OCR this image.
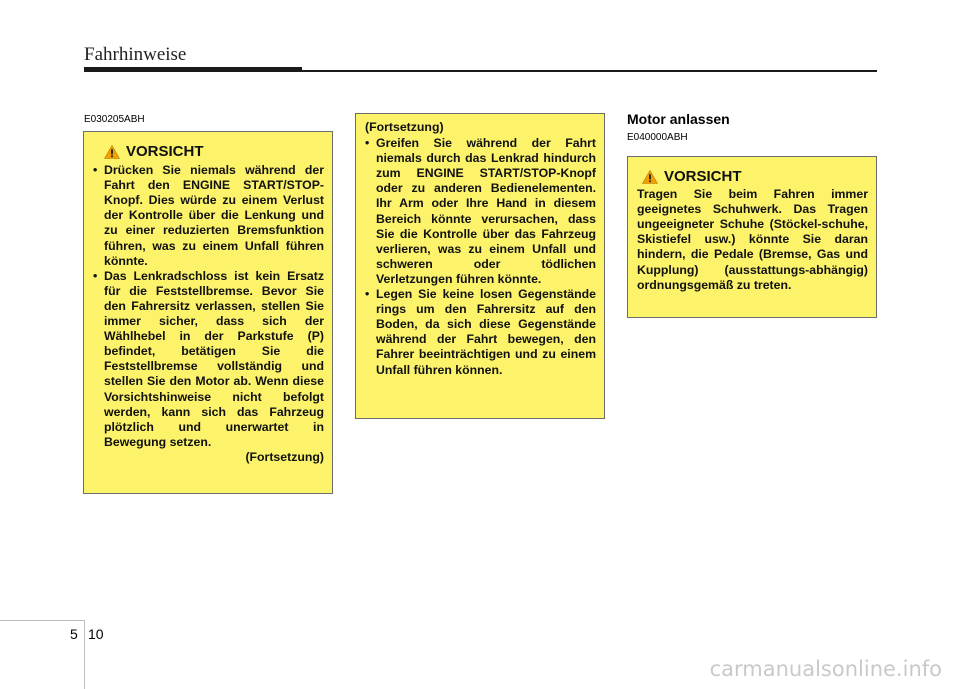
Fahrhinweise
E030205ABH
VORSICHT

• Drücken Sie niemals während der Fahrt den ENGINE START/STOP-Knopf. Dies würde zu einem Verlust der Kontrolle über die Lenkung und zu einer reduzierten Bremsfunktion führen, was zu einem Unfall führen könnte.

• Das Lenkradschloss ist kein Ersatz für die Feststellbremse. Bevor Sie den Fahrersitz verlassen, stellen Sie immer sicher, dass sich der Wählhebel in der Parkstufe (P) befindet, betätigen Sie die Feststellbremse vollständig und stellen Sie den Motor ab. Wenn diese Vorsichtshinweise nicht befolgt werden, kann sich das Fahrzeug plötzlich und unerwartet in Bewegung setzen.

(Fortsetzung)

(Fortsetzung)

• Greifen Sie während der Fahrt niemals durch das Lenkrad hindurch zum ENGINE START/STOP-Knopf oder zu anderen Bedienelementen. Ihr Arm oder Ihre Hand in diesem Bereich könnte verursachen, dass Sie die Kontrolle über das Fahrzeug verlieren, was zu einem Unfall und schweren oder tödlichen Verletzungen führen könnte.

• Legen Sie keine losen Gegenstände rings um den Fahrersitz auf den Boden, da sich diese Gegenstände während der Fahrt bewegen, den Fahrer beeinträchtigen und zu einem Unfall führen können.

Motor anlassen
E040000ABH
VORSICHT

Tragen Sie beim Fahren immer geeignetes Schuhwerk. Das Tragen ungeeigneter Schuhe (Stöckel-schuhe, Skistiefel usw.) könnte Sie daran hindern, die Pedale (Bremse, Gas und Kupplung) (ausstattungs-abhängig) ordnungsgemäß zu treten.

5 10
carmanualsonline.info
